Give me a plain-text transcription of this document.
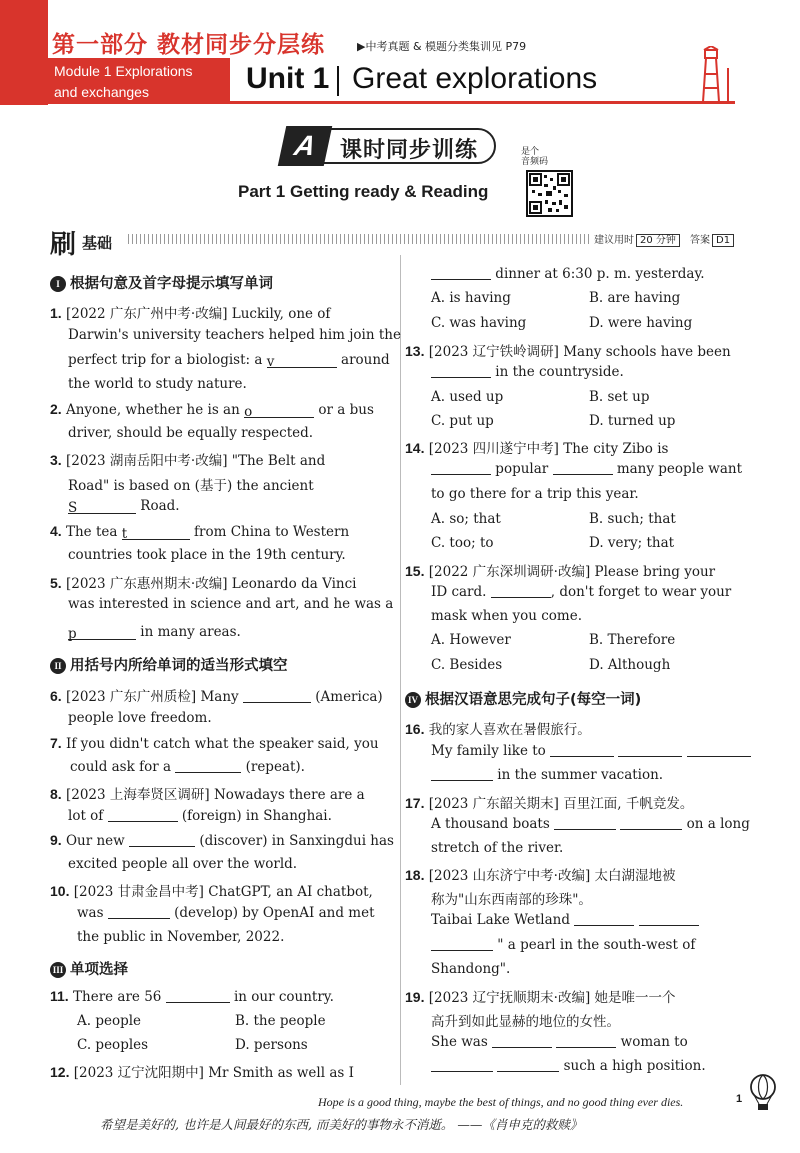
第一部分 教材同步分层练	▶中考真题 & 模题分类集训见 P79
Module 1 Explorations
and exchanges	Unit 1 Great explorations
A 课时同步训练	是个
音频码
Part 1 Getting ready & Reading
刷 基础	建议用时 20 分钟	答案 D1
I 根据句意及首字母提示填写单词
1. [2022 广东广州中考·改编] Luckily, one of
Darwin's university teachers helped him join the
perfect trip for a biologist: a v	around
the world to study nature.
2. Anyone, whether he is an o	or a bus
driver, should be equally respected.
3. [2023 湖南岳阳中考·改编] "The Belt and
Road" is based on (基于) the ancient
S	Road.
4. The tea t	from China to Western
countries took place in the 19th century.
5. [2023 广东惠州期末·改编] Leonardo da Vinci
was interested in science and art, and he was a
p	in many areas.
II 用括号内所给单词的适当形式填空
6. [2023 广东广州质检] Many	(America)
people love freedom.
7. If you didn't catch what the speaker said, you
could ask for a	(repeat).
8. [2023 上海奉贤区调研] Nowadays there are a
lot of	(foreign) in Shanghai.
9. Our new	(discover) in Sanxingdui has
excited people all over the world.
10. [2023 甘肃金昌中考] ChatGPT, an AI chatbot,
was	(develop) by OpenAI and met
the public in November, 2022.
III 单项选择
11. There are 56	in our country.
A. people	B. the people
C. peoples	D. persons
12. [2023 辽宁沈阳期中] Mr Smith as well as I
dinner at 6:30 p. m. yesterday.
A. is having	B. are having
C. was having	D. were having
13. [2023 辽宁铁岭调研] Many schools have been
in the countryside.
A. used up	B. set up
C. put up	D. turned up
14. [2023 四川遂宁中考] The city Zibo is
popular	many people want
to go there for a trip this year.
A. so; that	B. such; that
C. too; to	D. very; that
15. [2022 广东深圳调研·改编] Please bring your
ID card.	, don't forget to wear your
mask when you come.
A. However	B. Therefore
C. Besides	D. Although
IV 根据汉语意思完成句子(每空一词)
16. 我的家人喜欢在暑假旅行。
My family like to
in the summer vacation.
17. [2023 广东韶关期末] 百里江面, 千帆竞发。
A thousand boats	on a long
stretch of the river.
18. [2023 山东济宁中考·改编] 太白湖湿地被
称为"山东西南部的珍珠"。
Taibai Lake Wetland
" a pearl in the south-west of
Shandong".
19. [2023 辽宁抚顺期末·改编] 她是唯一一个
高升到如此显赫的地位的女性。
She was	woman to
such a high position.
Hope is a good thing, maybe the best of things, and no good thing ever dies.
希望是美好的, 也许是人间最好的东西, 而美好的事物永不消逝。 ——《肖申克的救赎》
1
